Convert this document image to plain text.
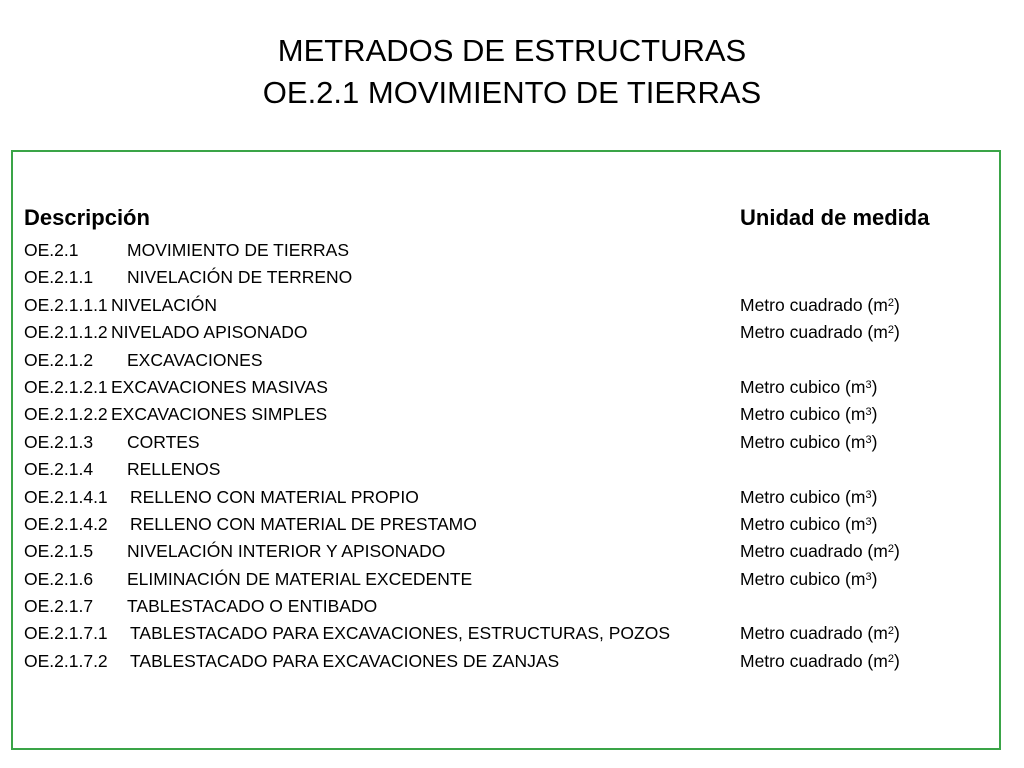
METRADOS DE ESTRUCTURAS
OE.2.1 MOVIMIENTO DE TIERRAS
Descripción	Unidad de medida
OE.2.1	MOVIMIENTO DE TIERRAS
OE.2.1.1 NIVELACIÓN DE TERRENO
OE.2.1.1.1 NIVELACIÓN	Metro cuadrado $(m^2)$
OE.2.1.1.2 NIVELADO APISONADO	Metro cuadrado $(m^2)$
OE.2.1.2 EXCAVACIONES
OE.2.1.2.1 EXCAVACIONES MASIVAS	Metro cubico $(m^3)$
OE.2.1.2.2 EXCAVACIONES SIMPLES	Metro cubico $(m^3)$
OE.2.1.3 CORTES	Metro cubico $(m^3)$
OE.2.1.4 RELLENOS
OE.2.1.4.1 RELLENO CON MATERIAL PROPIO	Metro cubico $(m^3)$
OE.2.1.4.2 RELLENO CON MATERIAL DE PRESTAMO	Metro cubico $(m^3)$
OE.2.1.5 NIVELACIÓN INTERIOR Y APISONADO	Metro cuadrado $(m^2)$
OE.2.1.6 ELIMINACIÓN DE MATERIAL EXCEDENTE	Metro cubico $(m^3)$
OE.2.1.7 TABLESTACADO O ENTIBADO
OE.2.1.7.1 TABLESTACADO PARA EXCAVACIONES, ESTRUCTURAS, POZOS	Metro cuadrado $(m^2)$
OE.2.1.7.2 TABLESTACADO PARA EXCAVACIONES DE ZANJAS	Metro cuadrado $(m^2)$
